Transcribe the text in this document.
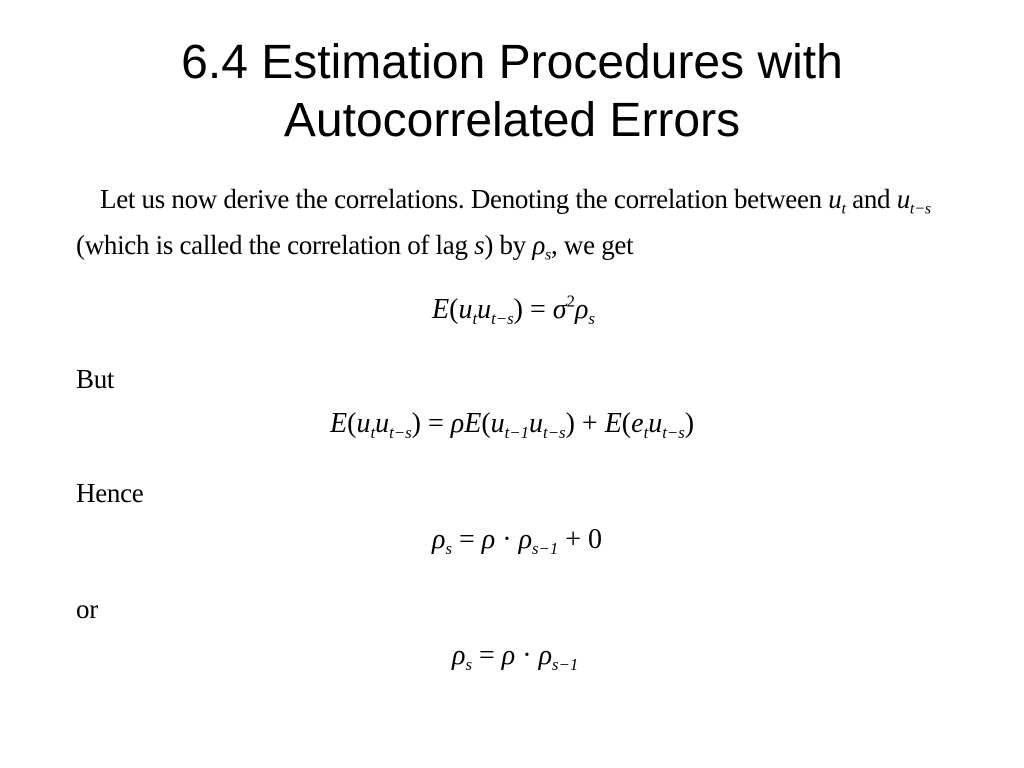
6.4 Estimation Procedures with
Autocorrelated Errors
Let us now derive the correlations. Denoting the correlation between $u_t$ and $u_{t-s}$ (which is called the correlation of lag s) by $\rho_s$, we get
$E(u_tu_{t-s}) = \sigma^2\rho_s$
But
$E(u_tu_{t-s}) = \rho E(u_{t-1}u_{t-s}) + E(e_tu_{t-s})$
Hence
$\rho_s = \rho \cdot \rho_{s-1} + 0$
or
$\rho_s = \rho \cdot \rho_{s-1}$
